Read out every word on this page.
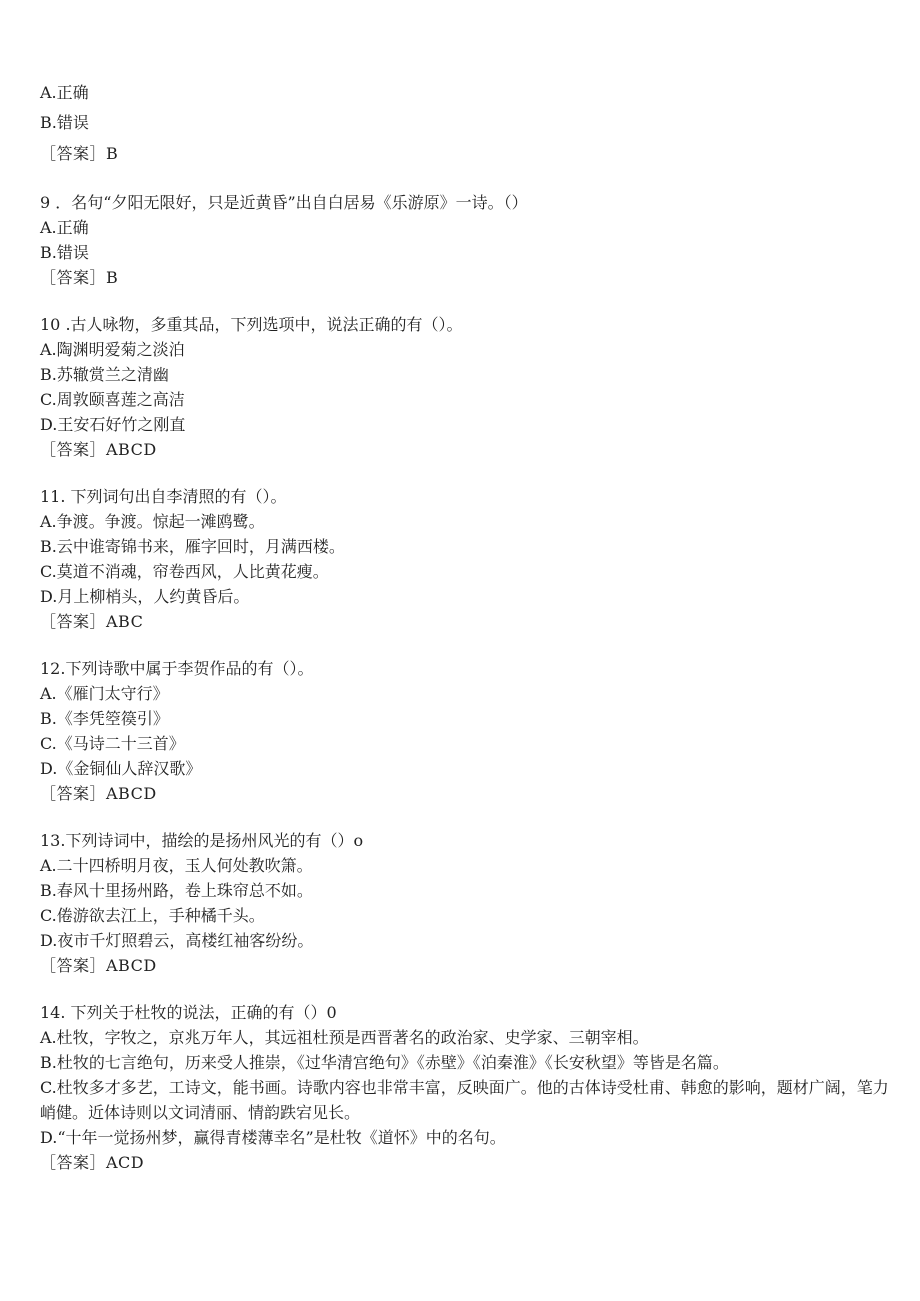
A.正确
B.错误
［答案］B
9 ．名句“夕阳无限好，只是近黄昏”出自白居易《乐游原》一诗。（）
A.正确
B.错误
［答案］B
10 .古人咏物，多重其品，下列选项中，说法正确的有（）。
A.陶渊明爱菊之淡泊
B.苏辙赏兰之清幽
C.周敦颐喜莲之高洁
D.王安石好竹之刚直
［答案］ABCD
11. 下列词句出自李清照的有（）。
A.争渡。争渡。惊起一滩鸥鹭。
B.云中谁寄锦书来，雁字回时，月满西楼。
C.莫道不消魂，帘卷西风，人比黄花瘦。
D.月上柳梢头，人约黄昏后。
［答案］ABC
12.下列诗歌中属于李贺作品的有（）。
A.《雁门太守行》
B.《李凭箜篌引》
C.《马诗二十三首》
D.《金铜仙人辞汉歌》
［答案］ABCD
13.下列诗词中，描绘的是扬州风光的有（）o
A.二十四桥明月夜，玉人何处教吹箫。
B.春风十里扬州路，卷上珠帘总不如。
C.倦游欲去江上，手种橘千头。
D.夜市千灯照碧云，高楼红袖客纷纷。
［答案］ABCD
14. 下列关于杜牧的说法，正确的有（）0
A.杜牧，字牧之，京兆万年人，其远祖杜预是西晋著名的政治家、史学家、三朝宰相。
B.杜牧的七言绝句，历来受人推崇，《过华清宫绝句》《赤壁》《泊秦淮》《长安秋望》等皆是名篇。
C.杜牧多才多艺，工诗文，能书画。诗歌内容也非常丰富，反映面广。他的古体诗受杜甫、韩愈的影响，题材广阔，笔力峭健。近体诗则以文词清丽、情韵跌宕见长。
D.“十年一觉扬州梦，赢得青楼薄幸名”是杜牧《道怀》中的名句。
［答案］ACD
